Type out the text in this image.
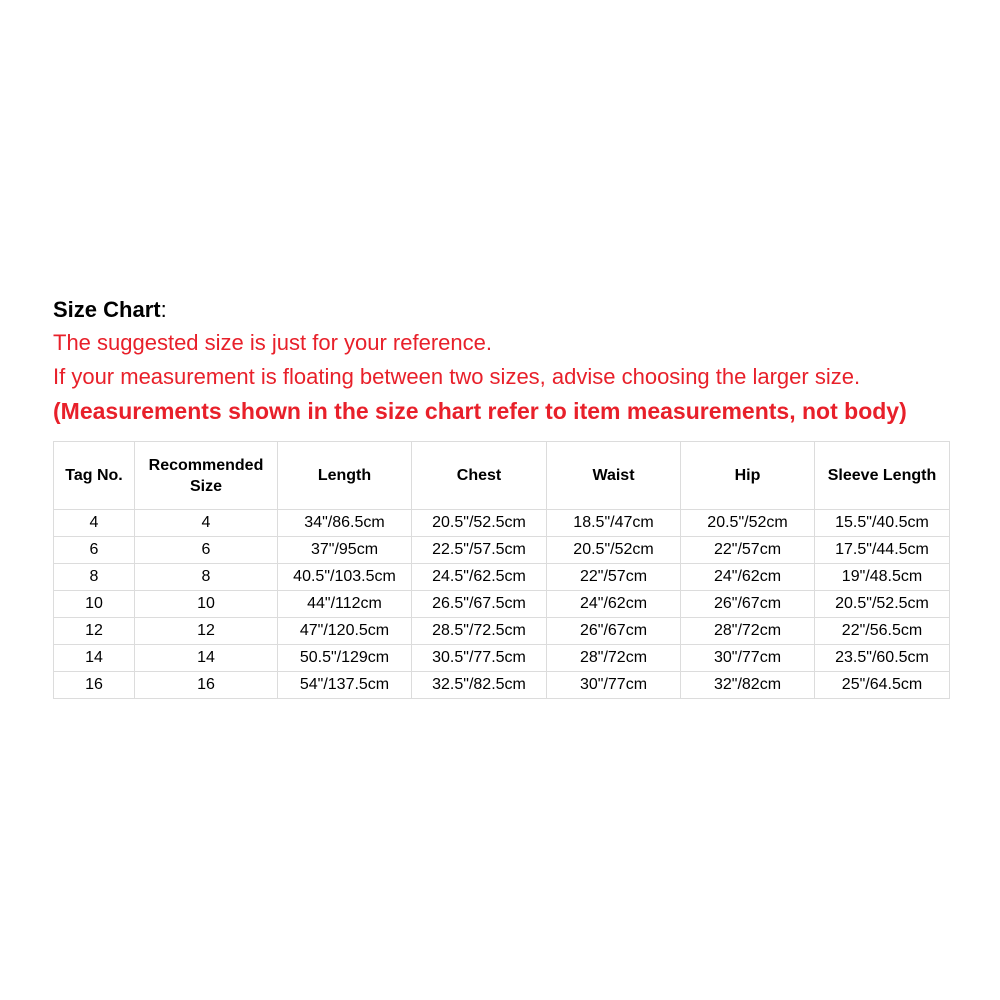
Size Chart:
The suggested size is just for your reference.
If your measurement is floating between two sizes, advise choosing the larger size.
(Measurements shown in the size chart refer to item measurements, not body)
Tag No.	Recommended Size	Length	Chest	Waist	Hip	Sleeve Length
4	4	34"/86.5cm	20.5"/52.5cm	18.5"/47cm	20.5"/52cm	15.5"/40.5cm
6	6	37"/95cm	22.5"/57.5cm	20.5"/52cm	22"/57cm	17.5"/44.5cm
8	8	40.5"/103.5cm	24.5"/62.5cm	22"/57cm	24"/62cm	19"/48.5cm
10	10	44"/112cm	26.5"/67.5cm	24"/62cm	26"/67cm	20.5"/52.5cm
12	12	47"/120.5cm	28.5"/72.5cm	26"/67cm	28"/72cm	22"/56.5cm
14	14	50.5"/129cm	30.5"/77.5cm	28"/72cm	30"/77cm	23.5"/60.5cm
16	16	54"/137.5cm	32.5"/82.5cm	30"/77cm	32"/82cm	25"/64.5cm
